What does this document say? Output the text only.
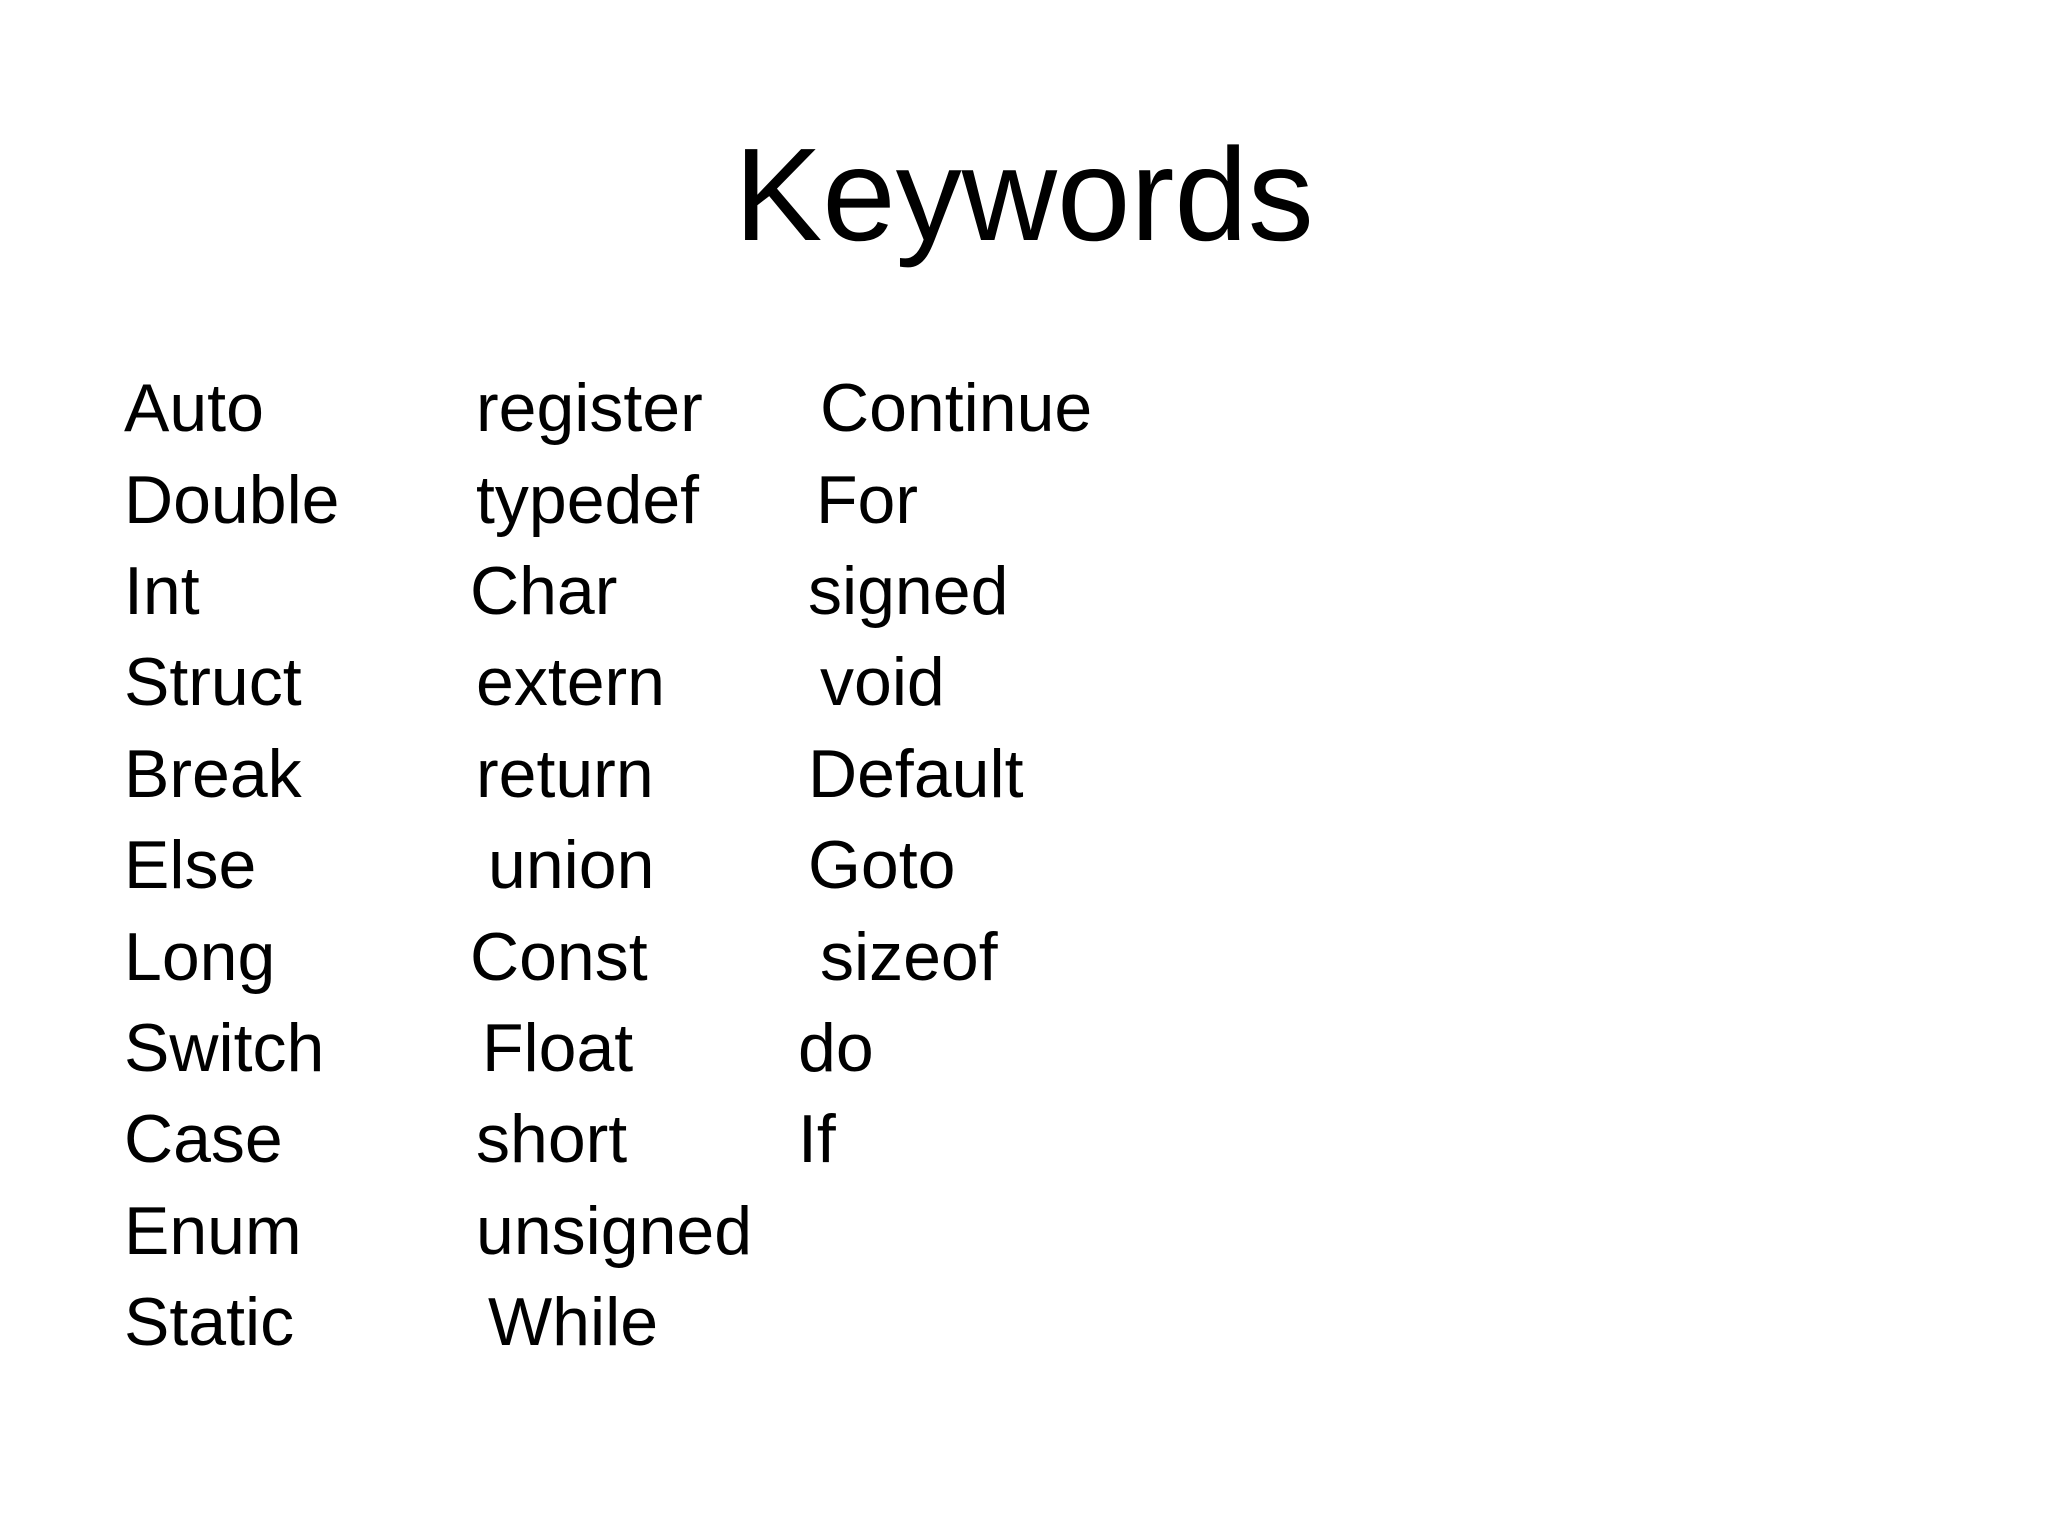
Keywords
Auto
Double
Int
Struct
Break
Else
Long
Switch
Case
Enum
Static
register
typedef
Char
extern
return
union
Const
Float
short
unsigned
While
Continue
For
signed
void
Default
Goto
sizeof
do
If
